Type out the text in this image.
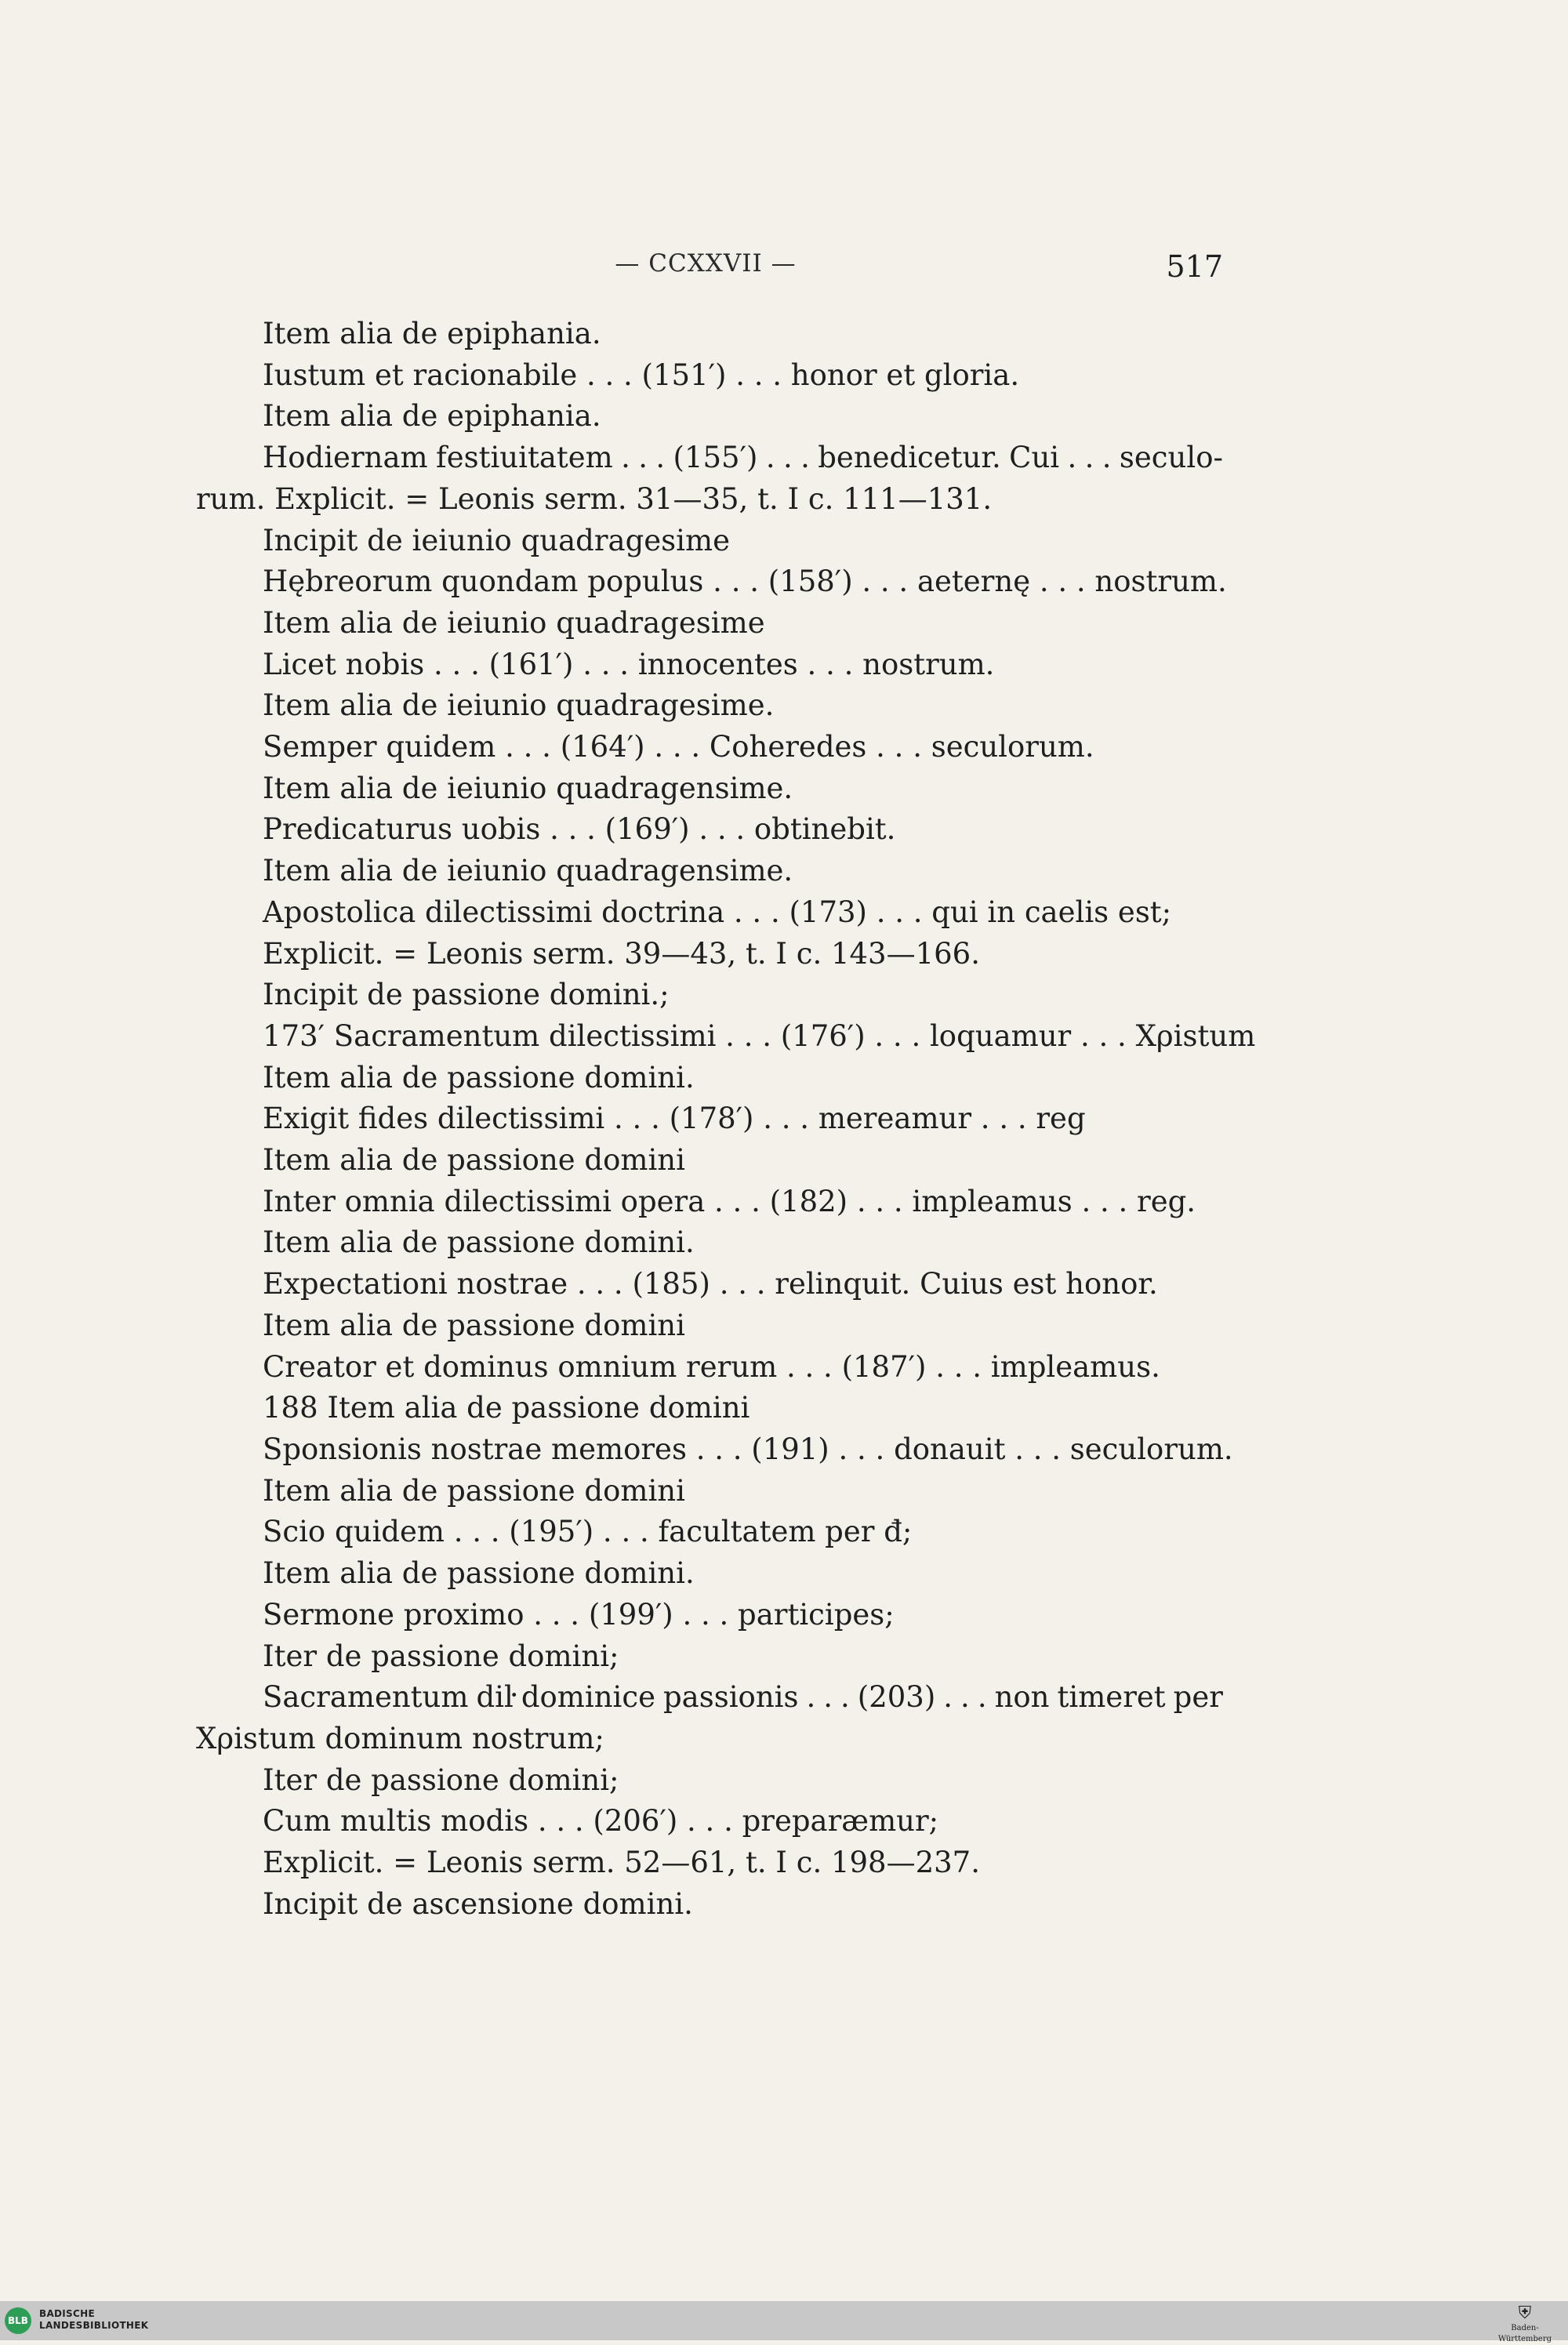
— CCXXVII —	517
Item alia de epiphania.
Iustum et racionabile . . . (151′) . . . honor et gloria.
Item alia de epiphania.
Hodiernam festiuitatem . . . (155′) . . . benedicetur. Cui . . . seculo-
rum. Explicit. = Leonis serm. 31—35, t. I c. 111—131.
Incipit de ieiunio quadragesime
Hębreorum quondam populus . . . (158′) . . . aeternę . . . nostrum.
Item alia de ieiunio quadragesime
Licet nobis . . . (161′) . . . innocentes . . . nostrum.
Item alia de ieiunio quadragesime.
Semper quidem . . . (164′) . . . Coheredes . . . seculorum.
Item alia de ieiunio quadragensime.
Predicaturus uobis . . . (169′) . . . obtinebit.
Item alia de ieiunio quadragensime.
Apostolica dilectissimi doctrina . . . (173) . . . qui in caelis est;
Explicit. = Leonis serm. 39—43, t. I c. 143—166.
Incipit de passione domini.;
173′ Sacramentum dilectissimi . . . (176′) . . . loquamur . . . Xρistum
Item alia de passione domini.
Exigit fides dilectissimi . . . (178′) . . . mereamur . . . reg
Item alia de passione domini
Inter omnia dilectissimi opera . . . (182) . . . impleamus . . . reg.
Item alia de passione domini.
Expectationi nostrae . . . (185) . . . relinquit. Cuius est honor.
Item alia de passione domini
Creator et dominus omnium rerum . . . (187′) . . . impleamus.
188 Item alia de passione domini
Sponsionis nostrae memores . . . (191) . . . donauit . . . seculorum.
Item alia de passione domini
Scio quidem . . . (195′) . . . facultatem per đ;
Item alia de passione domini.
Sermone proximo . . . (199′) . . . participes;
Iter de passione domini;
Sacramentum diŀ dominice passionis . . . (203) . . . non timeret per
Xρistum dominum nostrum;
Iter de passione domini;
Cum multis modis . . . (206′) . . . preparæmur;
Explicit. = Leonis serm. 52—61, t. I c. 198—237.
Incipit de ascensione domini.
BLB
BADISCHE
LANDESBIBLIOTHEK
⛨
Baden-Württemberg
